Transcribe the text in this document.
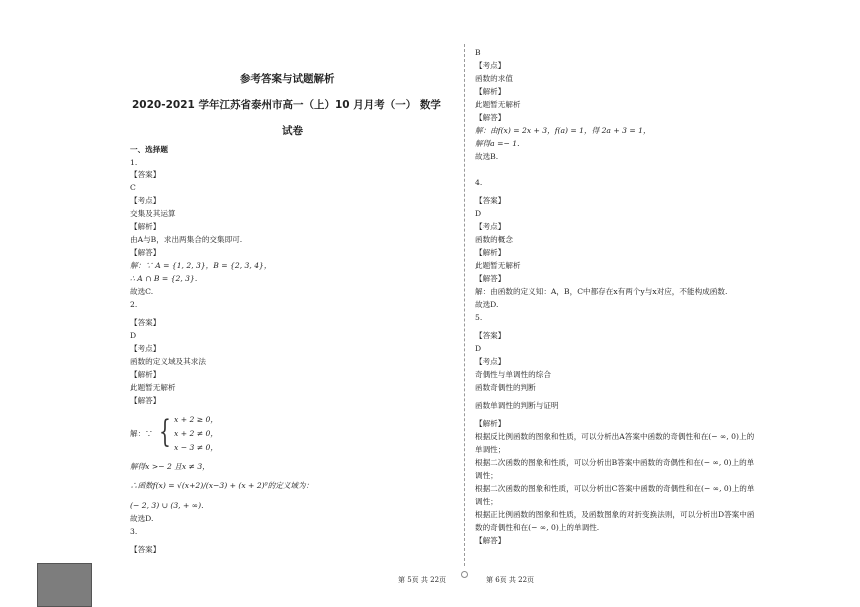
参考答案与试题解析
2020-2021 学年江苏省泰州市高一（上）10 月月考（一） 数学
试卷
一、选择题
1.
【答案】
C
【考点】
交集及其运算
【解析】
由A与B，求出两集合的交集即可.
【解答】
解：∵ A = {1, 2, 3}，B = {2, 3, 4}，
∴ A ∩ B = {2, 3}.
故选C.
2.
【答案】
D
【考点】
函数的定义域及其求法
【解析】
此题暂无解析
【解答】
解：∵ { x + 2 ≥ 0，
x + 2 ≠ 0，
x − 3 ≠ 0，
解得x >− 2 且x ≠ 3，
∴函数f(x) = √(x+2)/(x−3) + (x + 2)⁰的定义域为：
(− 2, 3) ∪ (3, + ∞).
故选D.
3.
【答案】
B
【考点】
函数的求值
【解析】
此题暂无解析
【解答】
解：由f(x) = 2x + 3，f(a) = 1，得 2a + 3 = 1，
解得a =− 1.
故选B.
4.
【答案】
D
【考点】
函数的概念
【解析】
此题暂无解析
【解答】
解：由函数的定义知：A，B，C中都存在x有两个y与x对应，不能构成函数.
故选D.
5.
【答案】
D
【考点】
奇偶性与单调性的综合
函数奇偶性的判断
函数单调性的判断与证明
【解析】
根据反比例函数的图象和性质，可以分析出A答案中函数的奇偶性和在(− ∞, 0)上的
单调性；
根据二次函数的图象和性质，可以分析出B答案中函数的奇偶性和在(− ∞, 0)上的单
调性；
根据二次函数的图象和性质，可以分析出C答案中函数的奇偶性和在(− ∞, 0)上的单
调性；
根据正比例函数的图象和性质，及函数图象的对折变换法则，可以分析出D答案中函
数的奇偶性和在(− ∞, 0)上的单调性.
【解答】
第 5页 共 22页	第 6页 共 22页
